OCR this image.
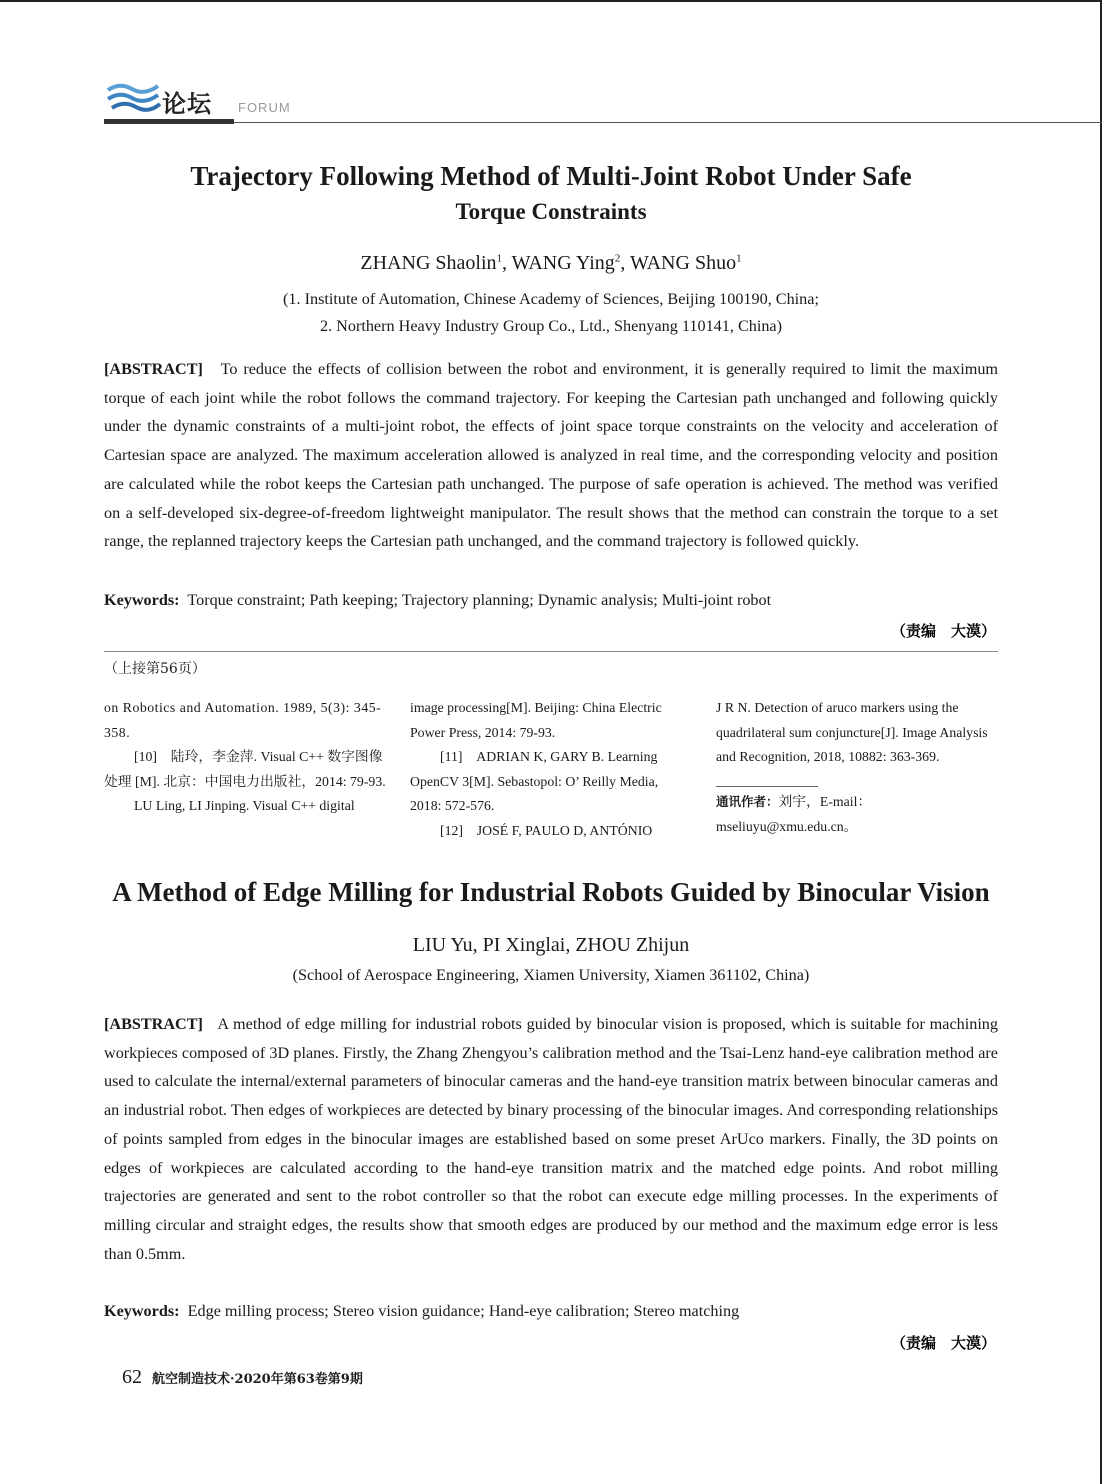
论坛 FORUM
Trajectory Following Method of Multi-Joint Robot Under Safe
Torque Constraints
ZHANG Shaolin$^1$, WANG Ying$^2$, WANG Shuo$^1$
(1. Institute of Automation, Chinese Academy of Sciences, Beijing 100190, China;
2. Northern Heavy Industry Group Co., Ltd., Shenyang 110141, China)
[ABSTRACT] To reduce the effects of collision between the robot and environment, it is generally required to limit the maximum torque of each joint while the robot follows the command trajectory. For keeping the Cartesian path unchanged and following quickly under the dynamic constraints of a multi-joint robot, the effects of joint space torque constraints on the velocity and acceleration of Cartesian space are analyzed. The maximum acceleration allowed is analyzed in real time, and the corresponding velocity and position are calculated while the robot keeps the Cartesian path unchanged. The purpose of safe operation is achieved. The method was verified on a self-developed six-degree-of-freedom lightweight manipulator. The result shows that the method can constrain the torque to a set range, the replanned trajectory keeps the Cartesian path unchanged, and the command trajectory is followed quickly.
Keywords: Torque constraint; Path keeping; Trajectory planning; Dynamic analysis; Multi-joint robot
（责编　大漠）
（上接第56页）

on Robotics and Automation. 1989, 5(3): 345-358.

[10]　陆玲，李金萍. Visual C++ 数字图像处理 [M]. 北京：中国电力出版社，2014: 79-93.

LU Ling, LI Jinping. Visual C++ digital

image processing[M]. Beijing: China Electric Power Press, 2014: 79-93.

[11]　ADRIAN K, GARY B. Learning OpenCV 3[M]. Sebastopol: O’ Reilly Media, 2018: 572-576.

[12]　JOSÉ F, PAULO D, ANTÓNIO

J R N. Detection of aruco markers using the quadrilateral sum conjuncture[J]. Image Analysis and Recognition, 2018, 10882: 363-369.

通讯作者：刘宇，E-mail：mseliuyu@xmu.edu.cn。
A Method of Edge Milling for Industrial Robots Guided by Binocular Vision
LIU Yu, PI Xinglai, ZHOU Zhijun
(School of Aerospace Engineering, Xiamen University, Xiamen 361102, China)
[ABSTRACT] A method of edge milling for industrial robots guided by binocular vision is proposed, which is suitable for machining workpieces composed of 3D planes. Firstly, the Zhang Zhengyou’s calibration method and the Tsai-Lenz hand-eye calibration method are used to calculate the internal/external parameters of binocular cameras and the hand-eye transition matrix between binocular cameras and an industrial robot. Then edges of workpieces are detected by binary processing of the binocular images. And corresponding relationships of points sampled from edges in the binocular images are established based on some preset ArUco markers. Finally, the 3D points on edges of workpieces are calculated according to the hand-eye transition matrix and the matched edge points. And robot milling trajectories are generated and sent to the robot controller so that the robot can execute edge milling processes. In the experiments of milling circular and straight edges, the results show that smooth edges are produced by our method and the maximum edge error is less than 0.5mm.
Keywords: Edge milling process; Stereo vision guidance; Hand-eye calibration; Stereo matching
（责编　大漠）
62 航空制造技术·2020年第63卷第9期
